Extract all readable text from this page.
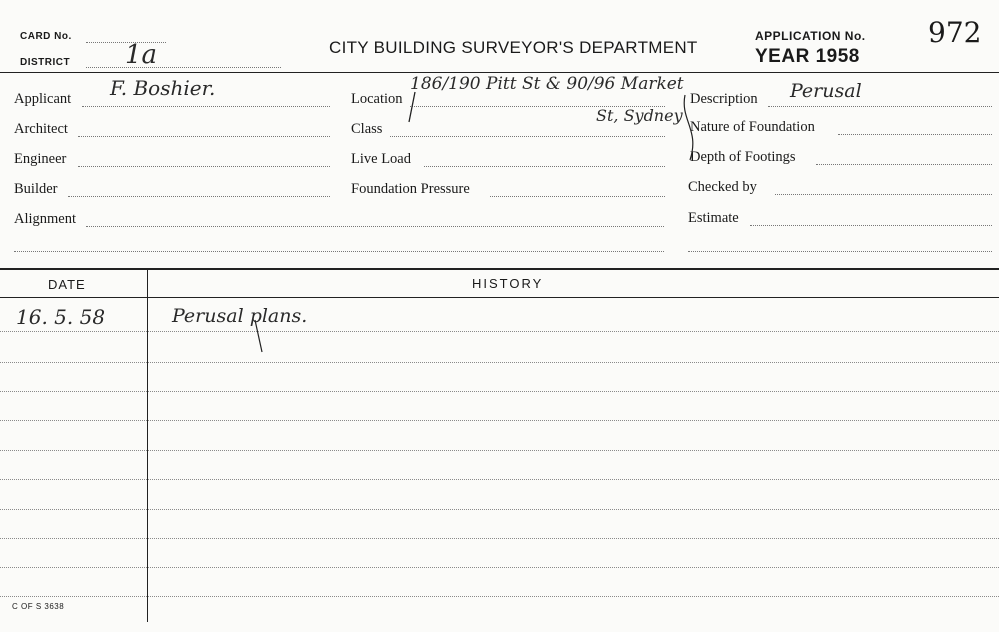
CARD No.
DISTRICT 1a	CITY BUILDING SURVEYOR'S DEPARTMENT
APPLICATION No. 972
YEAR 1958
Applicant F. Boshier.
Architect
Engineer
Builder
Alignment
Location
186/190 Pitt St & 90/96 Market
St, Sydney
Class
Live Load
Foundation Pressure
Description Perusal
Nature of Foundation
Depth of Footings
Checked by
Estimate
DATE	HISTORY
16. 5. 58	Perusal plans.
C OF S 3638
